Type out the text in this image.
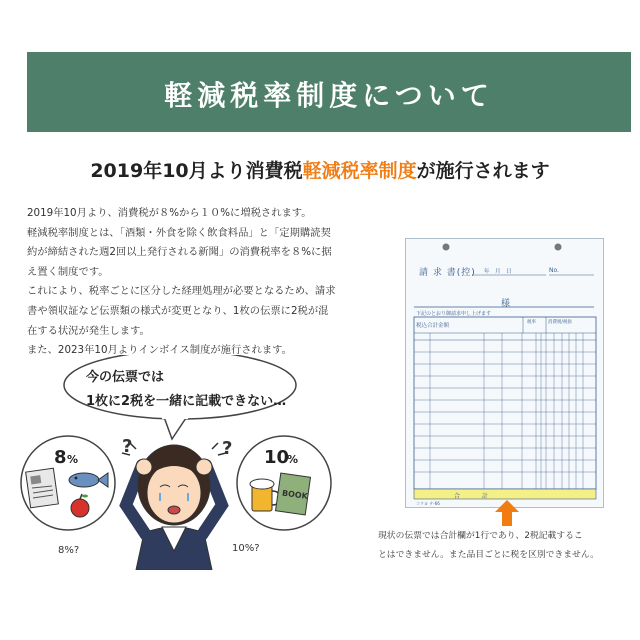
軽減税率制度について
2019年10月より消費税軽減税率制度が施行されます

2019年10月より、消費税が８%から１０%に増税されます。

軽減税率制度とは、「酒類・外食を除く飲食料品」と「定期購読契約が締結された週2回以上発行される新聞」の消費税率を８%に据え置く制度です。

これにより、税率ごとに区分した経理処理が必要となるため、請求書や領収証など伝票類の様式が変更となり、1枚の伝票に2税が混在する状況が発生します。

また、2023年10月よりインボイス制度が施行されます。

今の伝票では
1枚に2税を一緒に記載できない…
8 %
8%?
10
%
BOOK
10%?
?	?
請 求 書(控) 年　月　日	No.
様
下記のとおり御請求申し上げます
税込合計金額
税率	消費税/税抜
合 計
コクヨ テ-66

現状の伝票では合計欄が1行であり、2税記載するこ

とはできません。また品目ごとに税を区別できません。
